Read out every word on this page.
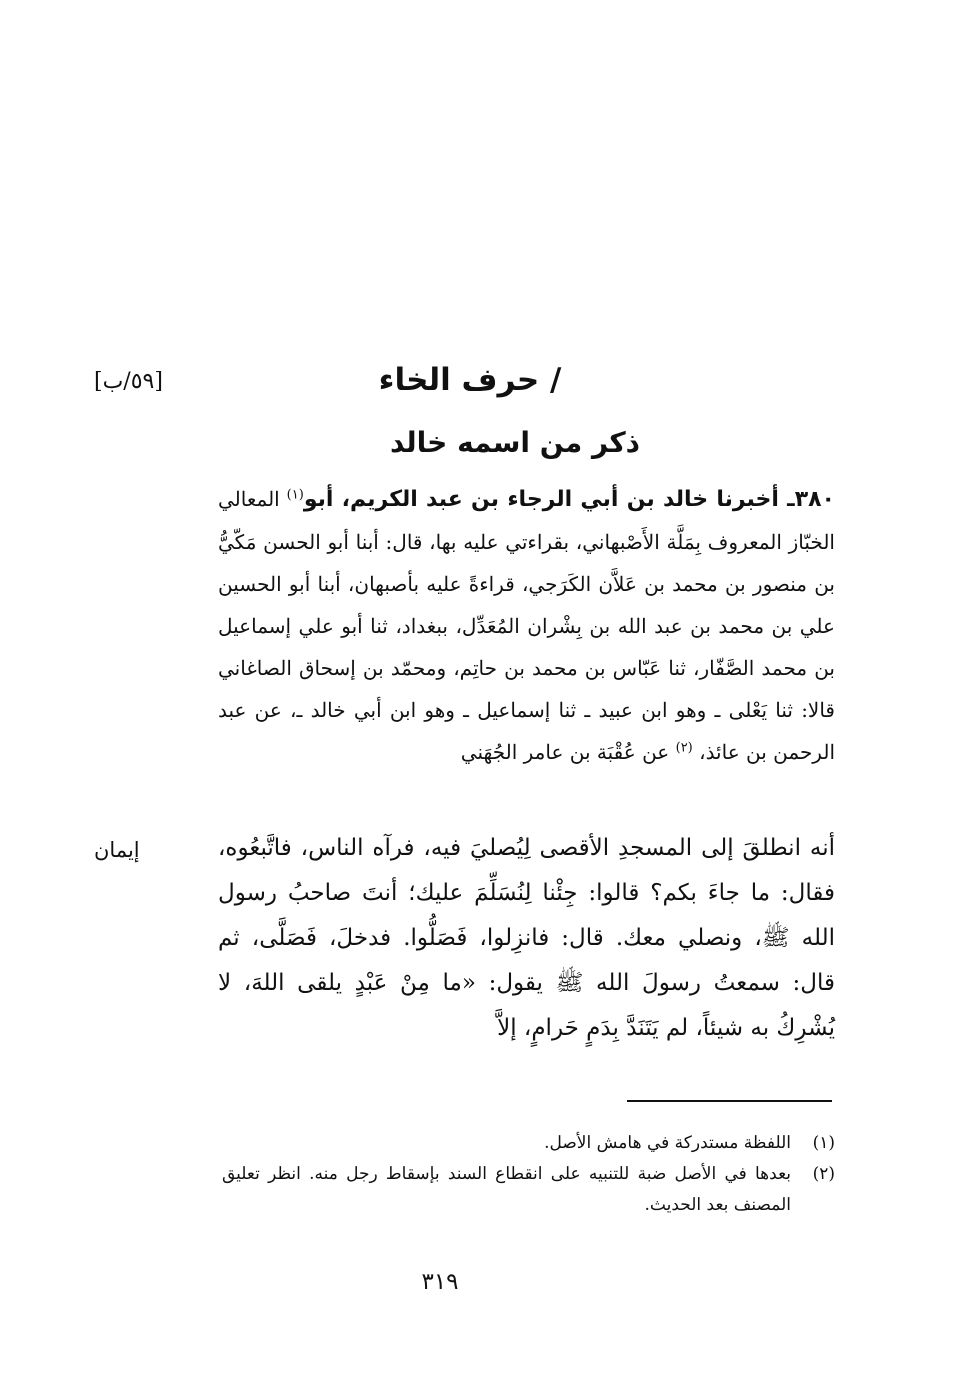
/ حرف الخاء
[٥٩/ب]
ذكر من اسمه خالد
٣٨٠ـ أخبرنا خالد بن أبي الرجاء بن عبد الكريم، أبو$^{(١)}$ المعالي الخبّاز المعروف بِمَلَّة الأَصْبهاني، بقراءتي عليه بها، قال: أبنا أبو الحسن مَكّيُّ بن منصور بن محمد بن عَلاَّن الكَرَجي، قراءةً عليه بأصبهان، أبنا أبو الحسين علي بن محمد بن عبد الله بن بِشْران المُعَدِّل، ببغداد، ثنا أبو علي إسماعيل بن محمد الصَّفّار، ثنا عَبّاس بن محمد بن حاتِم، ومحمّد بن إسحاق الصاغاني قالا: ثنا يَعْلى ـ وهو ابن عبيد ـ ثنا إسماعيل ـ وهو ابن أبي خالد ـ، عن عبد الرحمن بن عائذ، $^{(٢)}$ عن عُقْبَة بن عامر الجُهَني
إيمان	أنه انطلقَ إلى المسجدِ الأقصى لِيُصليَ فيه، فرآه الناس، فاتَّبعُوه، فقال: ما جاءَ بكم؟ قالوا: جِئْنا لِنُسَلِّمَ عليك؛ أنتَ صاحبُ رسول الله ﷺ، ونصلي معك. قال: فانزِلوا، فَصَلُّوا. فدخلَ، فَصَلَّى، ثم قال: سمعتُ رسولَ الله ﷺ يقول: «ما مِنْ عَبْدٍ يلقى اللهَ، لا يُشْرِكُ به شيئاً، لم يَتَنَدَّ بِدَمٍ حَرامٍ، إلاَّ
(١)
اللفظة مستدركة في هامش الأصل.
(٢)
بعدها في الأصل ضبة للتنبيه على انقطاع السند بإسقاط رجل منه. انظر تعليق المصنف بعد الحديث.
٣١٩
